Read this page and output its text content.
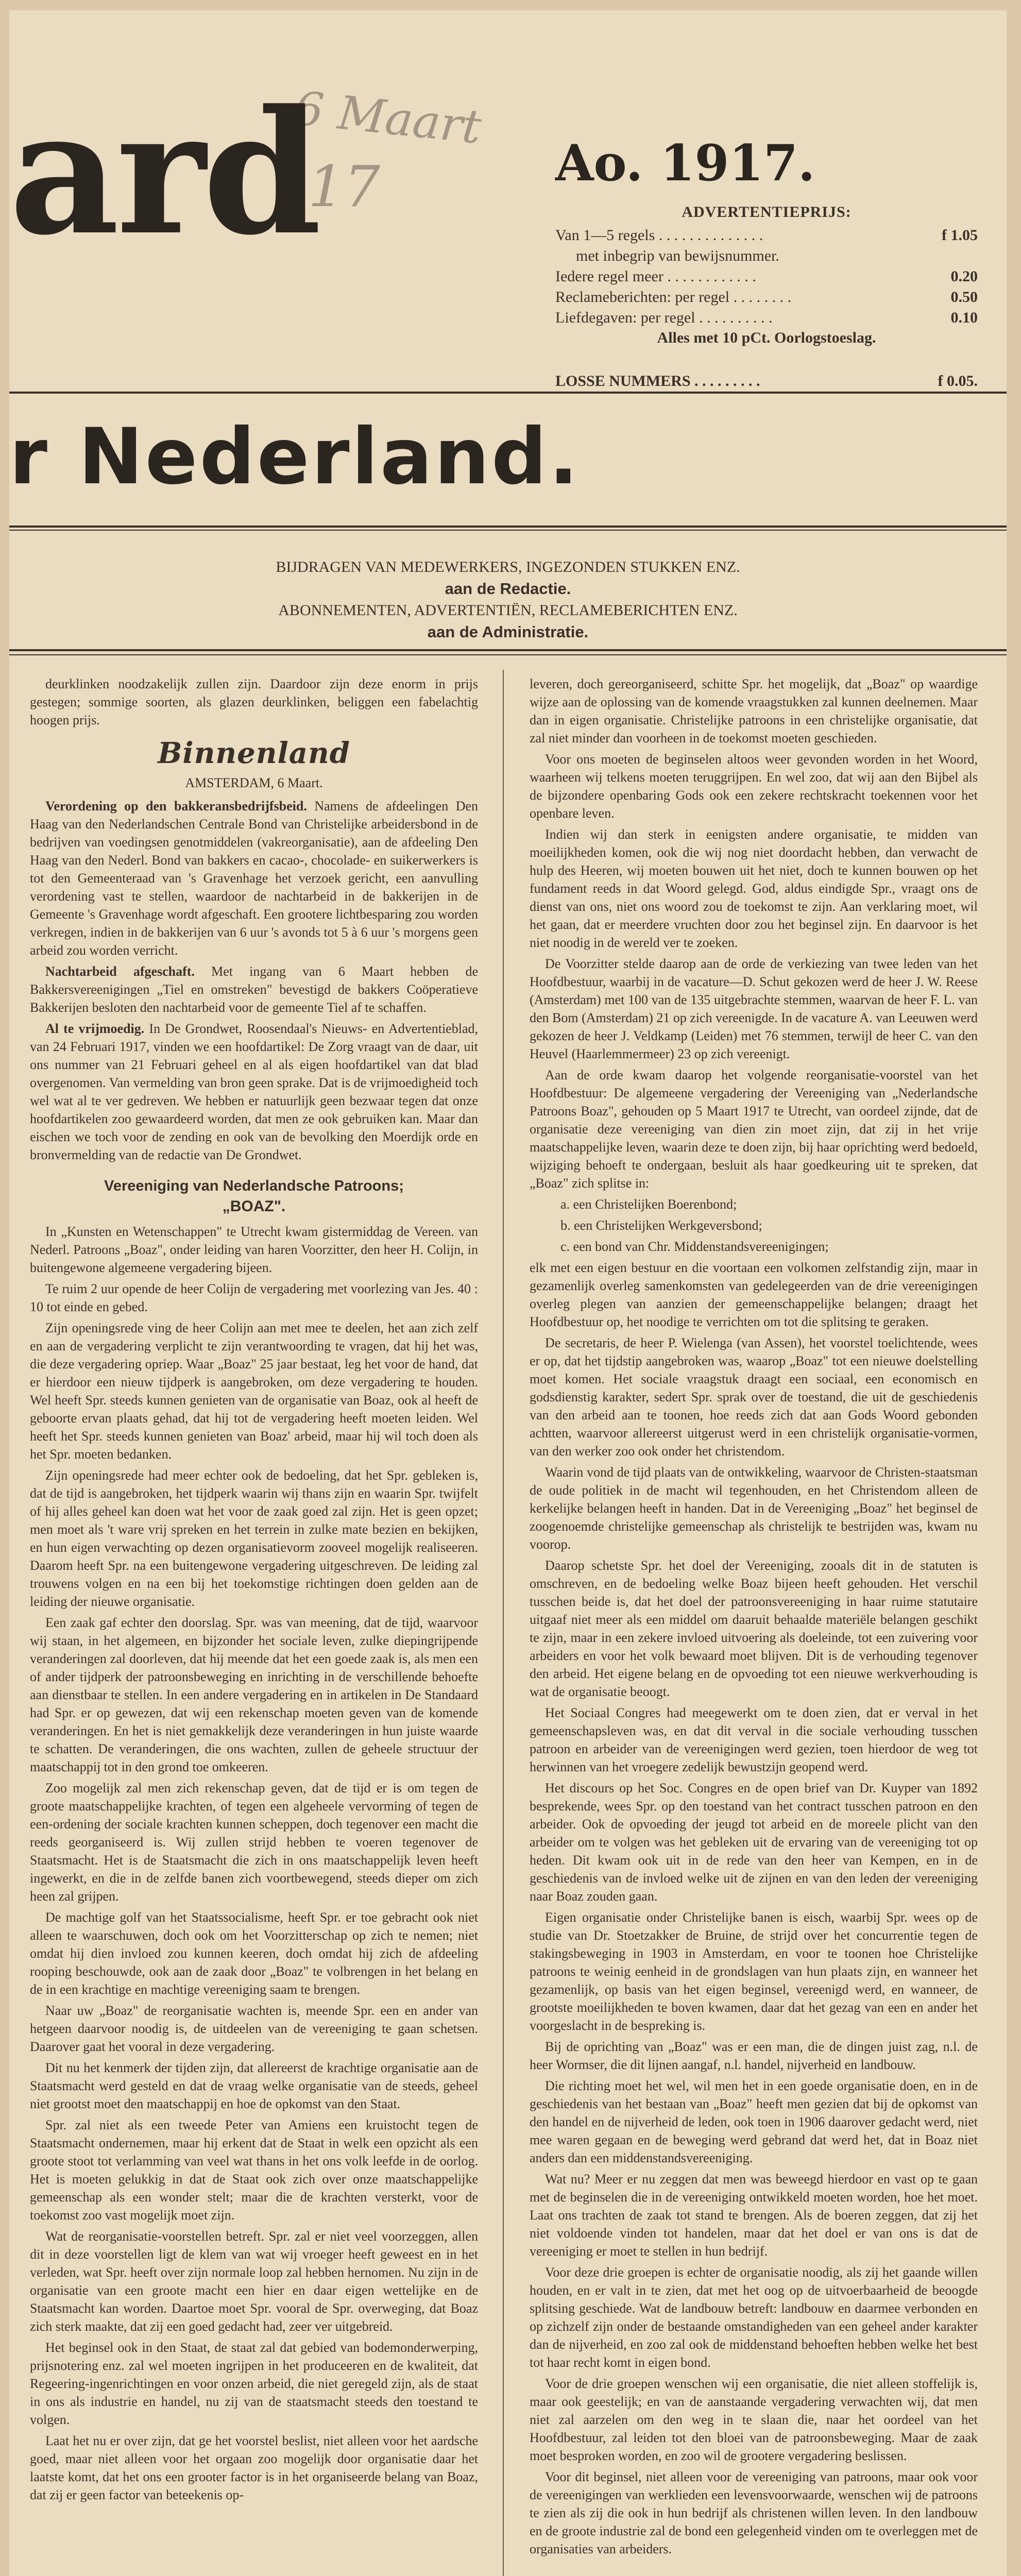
6 Maart
17
ard	Ao. 1917.
ADVERTENTIEPRIJS:
Van 1—5 regels . . . . . . . . . . . . . .	f 1.05
met inbegrip van bewijsnummer.
Iedere regel meer . . . . . . . . . . . .	0.20
Reclameberichten: per regel . . . . . . . .	0.50
Liefdegaven: per regel . . . . . . . . . .	0.10
Alles met 10 pCt. Oorlogstoeslag.
LOSSE NUMMERS . . . . . . . . .	f 0.05.
r Nederland.
BIJDRAGEN VAN MEDEWERKERS, INGEZONDEN STUKKEN ENZ.
aan de Redactie.
ABONNEMENTEN, ADVERTENTIËN, RECLAMEBERICHTEN ENZ.
aan de Administratie.

deurklinken noodzakelijk zullen zijn. Daardoor zijn deze enorm in prijs gestegen; sommige soorten, als glazen deurklinken, beliggen een fabelachtig hoogen prijs.

Binnenland
AMSTERDAM, 6 Maart.

Verordening op den bakkeransbedrijfsbeid. Namens de afdeelingen Den Haag van den Nederlandschen Centrale Bond van Christelijke arbeidersbond in de bedrijven van voedingsen genotmiddelen (vakreorganisatie), aan de afdeeling Den Haag van den Nederl. Bond van bakkers en cacao-, chocolade- en suikerwerkers is tot den Gemeenteraad van 's Gravenhage het verzoek gericht, een aanvulling verordening vast te stellen, waardoor de nachtarbeid in de bakkerijen in de Gemeente 's Gravenhage wordt afgeschaft. Een grootere lichtbesparing zou worden verkregen, indien in de bakkerijen van 6 uur 's avonds tot 5 à 6 uur 's morgens geen arbeid zou worden verricht.

Nachtarbeid afgeschaft. Met ingang van 6 Maart hebben de Bakkersvereenigingen „Tiel en omstreken" bevestigd de bakkers Coöperatieve Bakkerijen besloten den nachtarbeid voor de gemeente Tiel af te schaffen.

Al te vrijmoedig. In De Grondwet, Roosendaal's Nieuws- en Advertentieblad, van 24 Februari 1917, vinden we een hoofdartikel: De Zorg vraagt van de daar, uit ons nummer van 21 Februari geheel en al als eigen hoofdartikel van dat blad overgenomen. Van vermelding van bron geen sprake. Dat is de vrijmoedigheid toch wel wat al te ver gedreven. We hebben er natuurlijk geen bezwaar tegen dat onze hoofdartikelen zoo gewaardeerd worden, dat men ze ook gebruiken kan. Maar dan eischen we toch voor de zending en ook van de bevolking den Moerdijk orde en bronvermelding van de redactie van De Grondwet.

Vereeniging van Nederlandsche Patroons;
„BOAZ".

In „Kunsten en Wetenschappen" te Utrecht kwam gistermiddag de Vereen. van Nederl. Patroons „Boaz", onder leiding van haren Voorzitter, den heer H. Colijn, in buitengewone algemeene vergadering bijeen.

Te ruim 2 uur opende de heer Colijn de vergadering met voorlezing van Jes. 40 : 10 tot einde en gebed.

Zijn openingsrede ving de heer Colijn aan met mee te deelen, het aan zich zelf en aan de vergadering verplicht te zijn verantwoording te vragen, dat hij het was, die deze vergadering opriep. Waar „Boaz" 25 jaar bestaat, leg het voor de hand, dat er hierdoor een nieuw tijdperk is aangebroken, om deze vergadering te houden. Wel heeft Spr. steeds kunnen genieten van de organisatie van Boaz, ook al heeft de geboorte ervan plaats gehad, dat hij tot de vergadering heeft moeten leiden. Wel heeft het Spr. steeds kunnen genieten van Boaz' arbeid, maar hij wil toch doen als het Spr. moeten bedanken.

Zijn openingsrede had meer echter ook de bedoeling, dat het Spr. gebleken is, dat de tijd is aangebroken, het tijdperk waarin wij thans zijn en waarin Spr. twijfelt of hij alles geheel kan doen wat het voor de zaak goed zal zijn. Het is geen opzet; men moet als 't ware vrij spreken en het terrein in zulke mate bezien en bekijken, en hun eigen verwachting op dezen organisatievorm zooveel mogelijk realiseeren. Daarom heeft Spr. na een buitengewone vergadering uitgeschreven. De leiding zal trouwens volgen en na een bij het toekomstige richtingen doen gelden aan de leiding der nieuwe organisatie.

Een zaak gaf echter den doorslag. Spr. was van meening, dat de tijd, waarvoor wij staan, in het algemeen, en bijzonder het sociale leven, zulke diepingrijpende veranderingen zal doorleven, dat hij meende dat het een goede zaak is, als men een of ander tijdperk der patroonsbeweging en inrichting in de verschillende behoefte aan dienstbaar te stellen. In een andere vergadering en in artikelen in De Standaard had Spr. er op gewezen, dat wij een rekenschap moeten geven van de komende veranderingen. En het is niet gemakkelijk deze veranderingen in hun juiste waarde te schatten. De veranderingen, die ons wachten, zullen de geheele structuur der maatschappij tot in den grond toe omkeeren.

Zoo mogelijk zal men zich rekenschap geven, dat de tijd er is om tegen de groote maatschappelijke krachten, of tegen een algeheele vervorming of tegen de een-ordening der sociale krachten kunnen scheppen, doch tegenover een macht die reeds georganiseerd is. Wij zullen strijd hebben te voeren tegenover de Staatsmacht. Het is de Staatsmacht die zich in ons maatschappelijk leven heeft ingewerkt, en die in de zelfde banen zich voortbewegend, steeds dieper om zich heen zal grijpen.

De machtige golf van het Staatssocialisme, heeft Spr. er toe gebracht ook niet alleen te waarschuwen, doch ook om het Voorzitterschap op zich te nemen; niet omdat hij dien invloed zou kunnen keeren, doch omdat hij zich de afdeeling rooping beschouwde, ook aan de zaak door „Boaz" te volbrengen in het belang en de in een krachtige en machtige vereeniging saam te brengen.

Naar uw „Boaz" de reorganisatie wachten is, meende Spr. een en ander van hetgeen daarvoor noodig is, de uitdeelen van de vereeniging te gaan schetsen. Daarover gaat het vooral in deze vergadering.

Dit nu het kenmerk der tijden zijn, dat allereerst de krachtige organisatie aan de Staatsmacht werd gesteld en dat de vraag welke organisatie van de steeds, geheel niet grootst moet den maatschappij en hoe de opkomst van den Staat.

Spr. zal niet als een tweede Peter van Amiens een kruistocht tegen de Staatsmacht ondernemen, maar hij erkent dat de Staat in welk een opzicht als een groote stoot tot verlamming van veel wat thans in het ons volk leefde in de oorlog. Het is moeten gelukkig in dat de Staat ook zich over onze maatschappelijke gemeenschap als een wonder stelt; maar die de krachten versterkt, voor de toekomst zoo vast mogelijk moet zijn.

Wat de reorganisatie-voorstellen betreft. Spr. zal er niet veel voorzeggen, allen dit in deze voorstellen ligt de klem van wat wij vroeger heeft geweest en in het verleden, wat Spr. heeft over zijn normale loop zal hebben hernomen. Nu zijn in de organisatie van een groote macht een hier en daar eigen wettelijke en de Staatsmacht kan worden. Daartoe moet Spr. vooral de Spr. overweging, dat Boaz zich sterk maakte, dat zij een goed gedacht had, zeer ver uitgebreid.

Het beginsel ook in den Staat, de staat zal dat gebied van bodemonderwerping, prijsnotering enz. zal wel moeten ingrijpen in het produceeren en de kwaliteit, dat Regeering-ingenrichtingen en voor onzen arbeid, die niet geregeld zijn, als de staat in ons als industrie en handel, nu zij van de staatsmacht steeds den toestand te volgen.

Laat het nu er over zijn, dat ge het voorstel beslist, niet alleen voor het aardsche goed, maar niet alleen voor het orgaan zoo mogelijk door organisatie daar het laatste komt, dat het ons een grooter factor is in het organiseerde belang van Boaz, dat zij er geen factor van beteekenis op-

leveren, doch gereorganiseerd, schitte Spr. het mogelijk, dat „Boaz" op waardige wijze aan de oplossing van de komende vraagstukken zal kunnen deelnemen. Maar dan in eigen organisatie. Christelijke patroons in een christelijke organisatie, dat zal niet minder dan voorheen in de toekomst moeten geschieden.

Voor ons moeten de beginselen altoos weer gevonden worden in het Woord, waarheen wij telkens moeten teruggrijpen. En wel zoo, dat wij aan den Bijbel als de bijzondere openbaring Gods ook een zekere rechtskracht toekennen voor het openbare leven.

Indien wij dan sterk in eenigsten andere organisatie, te midden van moeilijkheden komen, ook die wij nog niet doordacht hebben, dan verwacht de hulp des Heeren, wij moeten bouwen uit het niet, doch te kunnen bouwen op het fundament reeds in dat Woord gelegd. God, aldus eindigde Spr., vraagt ons de dienst van ons, niet ons woord zou de toekomst te zijn. Aan verklaring moet, wil het gaan, dat er meerdere vruchten door zou het beginsel zijn. En daarvoor is het niet noodig in de wereld ver te zoeken.

De Voorzitter stelde daarop aan de orde de verkiezing van twee leden van het Hoofdbestuur, waarbij in de vacature—D. Schut gekozen werd de heer J. W. Reese (Amsterdam) met 100 van de 135 uitgebrachte stemmen, waarvan de heer F. L. van den Bom (Amsterdam) 21 op zich vereenigde. In de vacature A. van Leeuwen werd gekozen de heer J. Veldkamp (Leiden) met 76 stemmen, terwijl de heer C. van den Heuvel (Haarlemmermeer) 23 op zich vereenigt.

Aan de orde kwam daarop het volgende reorganisatie-voorstel van het Hoofdbestuur: De algemeene vergadering der Vereeniging van „Nederlandsche Patroons Boaz", gehouden op 5 Maart 1917 te Utrecht, van oordeel zijnde, dat de organisatie deze vereeniging van dien zin moet zijn, dat zij in het vrije maatschappelijke leven, waarin deze te doen zijn, bij haar oprichting werd bedoeld, wijziging behoeft te ondergaan, besluit als haar goedkeuring uit te spreken, dat „Boaz" zich splitse in:

a. een Christelijken Boerenbond;

b. een Christelijken Werkgeversbond;

c. een bond van Chr. Middenstandsvereenigingen;

elk met een eigen bestuur en die voortaan een volkomen zelfstandig zijn, maar in gezamenlijk overleg samenkomsten van gedelegeerden van de drie vereenigingen overleg plegen van aanzien der gemeenschappelijke belangen; draagt het Hoofdbestuur op, het noodige te verrichten om tot die splitsing te geraken.

De secretaris, de heer P. Wielenga (van Assen), het voorstel toelichtende, wees er op, dat het tijdstip aangebroken was, waarop „Boaz" tot een nieuwe doelstelling moet komen. Het sociale vraagstuk draagt een sociaal, een economisch en godsdienstig karakter, sedert Spr. sprak over de toestand, die uit de geschiedenis van den arbeid aan te toonen, hoe reeds zich dat aan Gods Woord gebonden achtten, waarvoor allereerst uitgerust werd in een christelijk organisatie-vormen, van den werker zoo ook onder het christendom.

Waarin vond de tijd plaats van de ontwikkeling, waarvoor de Christen-staatsman de oude politiek in de macht wil tegenhouden, en het Christendom alleen de kerkelijke belangen heeft in handen. Dat in de Vereeniging „Boaz" het beginsel de zoogenoemde christelijke gemeenschap als christelijk te bestrijden was, kwam nu voorop.

Daarop schetste Spr. het doel der Vereeniging, zooals dit in de statuten is omschreven, en de bedoeling welke Boaz bijeen heeft gehouden. Het verschil tusschen beide is, dat het doel der patroonsvereeniging in haar ruime statutaire uitgaaf niet meer als een middel om daaruit behaalde materiële belangen geschikt te zijn, maar in een zekere invloed uitvoering als doeleinde, tot een zuivering voor arbeiders en voor het volk bewaard moet blijven. Dit is de verhouding tegenover den arbeid. Het eigene belang en de opvoeding tot een nieuwe werkverhouding is wat de organisatie beoogt.

Het Sociaal Congres had meegewerkt om te doen zien, dat er verval in het gemeenschapsleven was, en dat dit verval in die sociale verhouding tusschen patroon en arbeider van de vereenigingen werd gezien, toen hierdoor de weg tot herwinnen van het vroegere zedelijk bewustzijn geopend werd.

Het discours op het Soc. Congres en de open brief van Dr. Kuyper van 1892 besprekende, wees Spr. op den toestand van het contract tusschen patroon en den arbeider. Ook de opvoeding der jeugd tot arbeid en de moreele plicht van den arbeider om te volgen was het gebleken uit de ervaring van de vereeniging tot op heden. Dit kwam ook uit in de rede van den heer van Kempen, en in de geschiedenis van de invloed welke uit de zijnen en van den leden der vereeniging naar Boaz zouden gaan.

Eigen organisatie onder Christelijke banen is eisch, waarbij Spr. wees op de studie van Dr. Stoetzakker de Bruine, de strijd over het concurrentie tegen de stakingsbeweging in 1903 in Amsterdam, en voor te toonen hoe Christelijke patroons te weinig eenheid in de grondslagen van hun plaats zijn, en wanneer het gezamenlijk, op basis van het eigen beginsel, vereenigd werd, en wanneer, de grootste moeilijkheden te boven kwamen, daar dat het gezag van een en ander het voorgeslacht in de bespreking is.

Bij de oprichting van „Boaz" was er een man, die de dingen juist zag, n.l. de heer Wormser, die dit lijnen aangaf, n.l. handel, nijverheid en landbouw.

Die richting moet het wel, wil men het in een goede organisatie doen, en in de geschiedenis van het bestaan van „Boaz" heeft men gezien dat bij de opkomst van den handel en de nijverheid de leden, ook toen in 1906 daarover gedacht werd, niet mee waren gegaan en de beweging werd gebrand dat werd het, dat in Boaz niet anders dan een middenstandsvereeniging.

Wat nu? Meer er nu zeggen dat men was beweegd hierdoor en vast op te gaan met de beginselen die in de vereeniging ontwikkeld moeten worden, hoe het moet. Laat ons trachten de zaak tot stand te brengen. Als de boeren zeggen, dat zij het niet voldoende vinden tot handelen, maar dat het doel er van ons is dat de vereeniging er moet te stellen in hun bedrijf.

Voor deze drie groepen is echter de organisatie noodig, als zij het gaande willen houden, en er valt in te zien, dat met het oog op de uitvoerbaarheid de beoogde splitsing geschiede. Wat de landbouw betreft: landbouw en daarmee verbonden en op zichzelf zijn onder de bestaande omstandigheden van een geheel ander karakter dan de nijverheid, en zoo zal ook de middenstand behoeften hebben welke het best tot haar recht komt in eigen bond.

Voor de drie groepen wenschen wij een organisatie, die niet alleen stoffelijk is, maar ook geestelijk; en van de aanstaande vergadering verwachten wij, dat men niet zal aarzelen om den weg in te slaan die, naar het oordeel van het Hoofdbestuur, zal leiden tot den bloei van de patroonsbeweging. Maar de zaak moet besproken worden, en zoo wil de grootere vergadering beslissen.

Voor dit beginsel, niet alleen voor de vereeniging van patroons, maar ook voor de vereenigingen van werklieden een levensvoorwaarde, wenschen wij de patroons te zien als zij die ook in hun bedrijf als christenen willen leven. In den landbouw en de groote industrie zal de bond een gelegenheid vinden om te overleggen met de organisaties van arbeiders.
